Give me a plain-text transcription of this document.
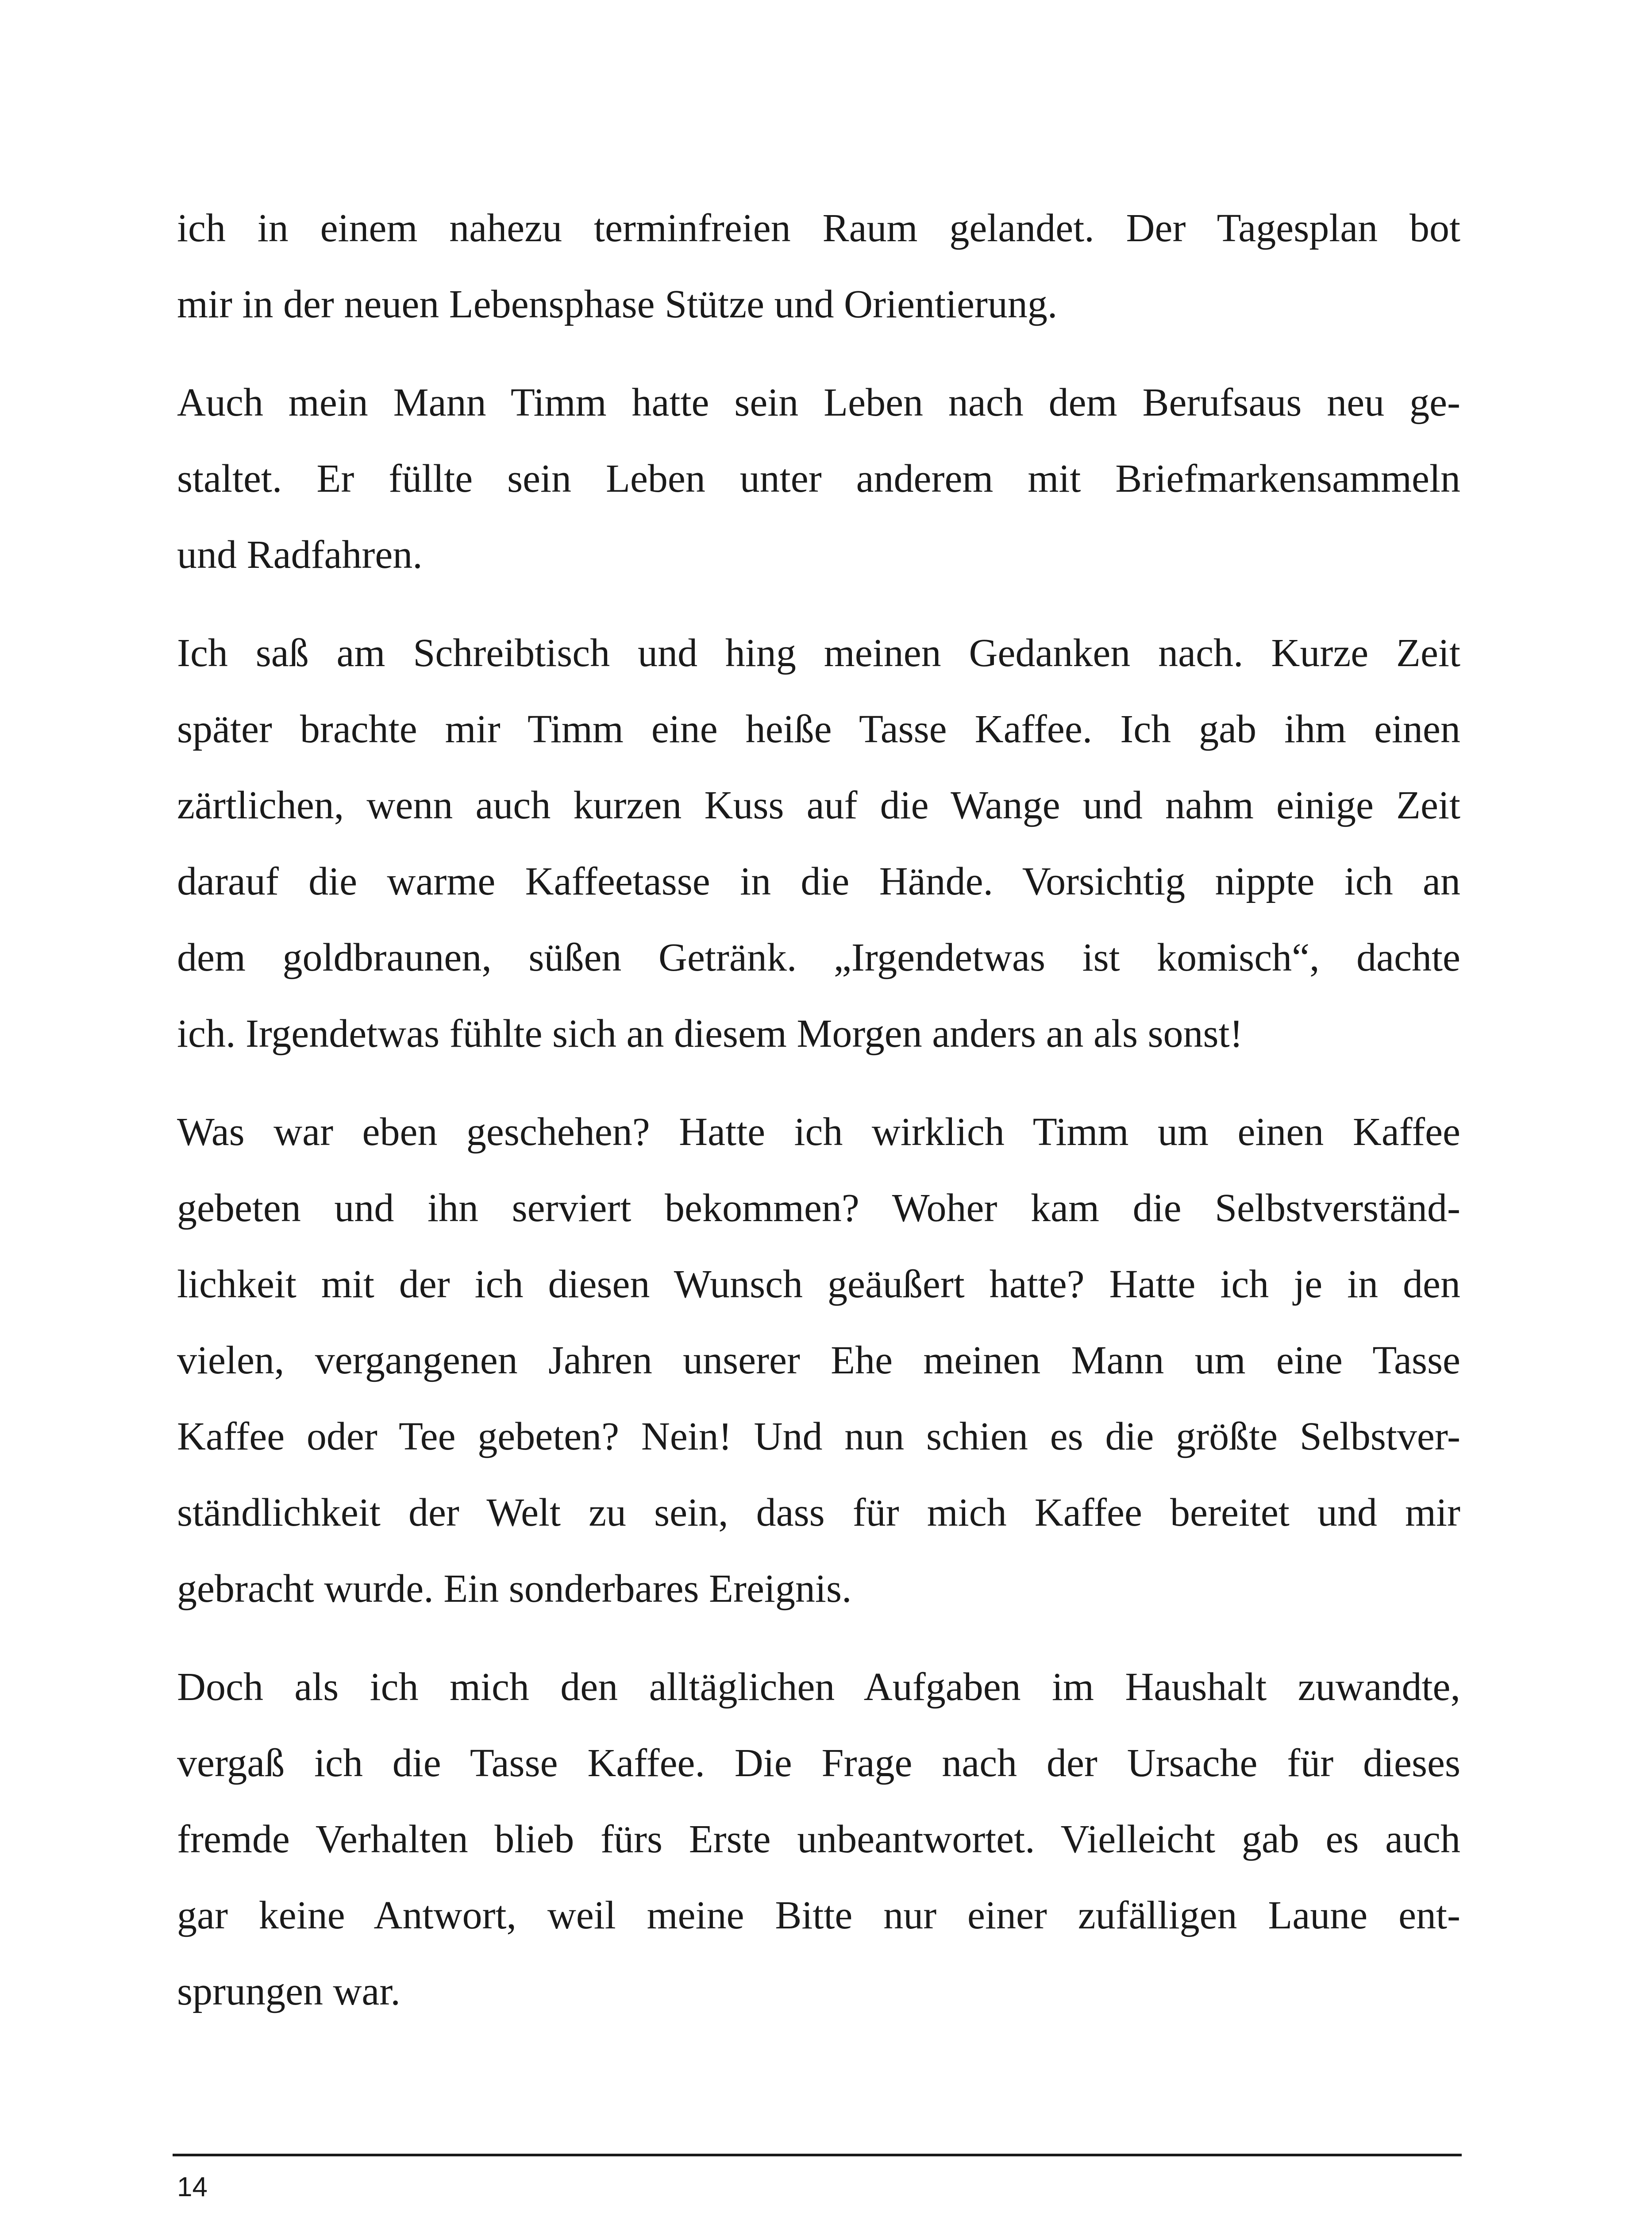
ich in einem nahezu terminfreien Raum gelandet. Der Tagesplan bot
mir in der neuen Lebensphase Stütze und Orientierung.

Auch mein Mann Timm hatte sein Leben nach dem Berufsaus neu ge-
staltet. Er füllte sein Leben unter anderem mit Briefmarkensammeln
und Radfahren.

Ich saß am Schreibtisch und hing meinen Gedanken nach. Kurze Zeit
später brachte mir Timm eine heiße Tasse Kaffee. Ich gab ihm einen
zärtlichen, wenn auch kurzen Kuss auf die Wange und nahm einige Zeit
darauf die warme Kaffeetasse in die Hände. Vorsichtig nippte ich an
dem goldbraunen, süßen Getränk. „Irgendetwas ist komisch“, dachte
ich. Irgendetwas fühlte sich an diesem Morgen anders an als sonst!

Was war eben geschehen? Hatte ich wirklich Timm um einen Kaffee
gebeten und ihn serviert bekommen? Woher kam die Selbstverständ-
lichkeit mit der ich diesen Wunsch geäußert hatte? Hatte ich je in den
vielen, vergangenen Jahren unserer Ehe meinen Mann um eine Tasse
Kaffee oder Tee gebeten? Nein! Und nun schien es die größte Selbstver-
ständlichkeit der Welt zu sein, dass für mich Kaffee bereitet und mir
gebracht wurde. Ein sonderbares Ereignis.

Doch als ich mich den alltäglichen Aufgaben im Haushalt zuwandte,
vergaß ich die Tasse Kaffee. Die Frage nach der Ursache für dieses
fremde Verhalten blieb fürs Erste unbeantwortet. Vielleicht gab es auch
gar keine Antwort, weil meine Bitte nur einer zufälligen Laune ent-
sprungen war.

14
